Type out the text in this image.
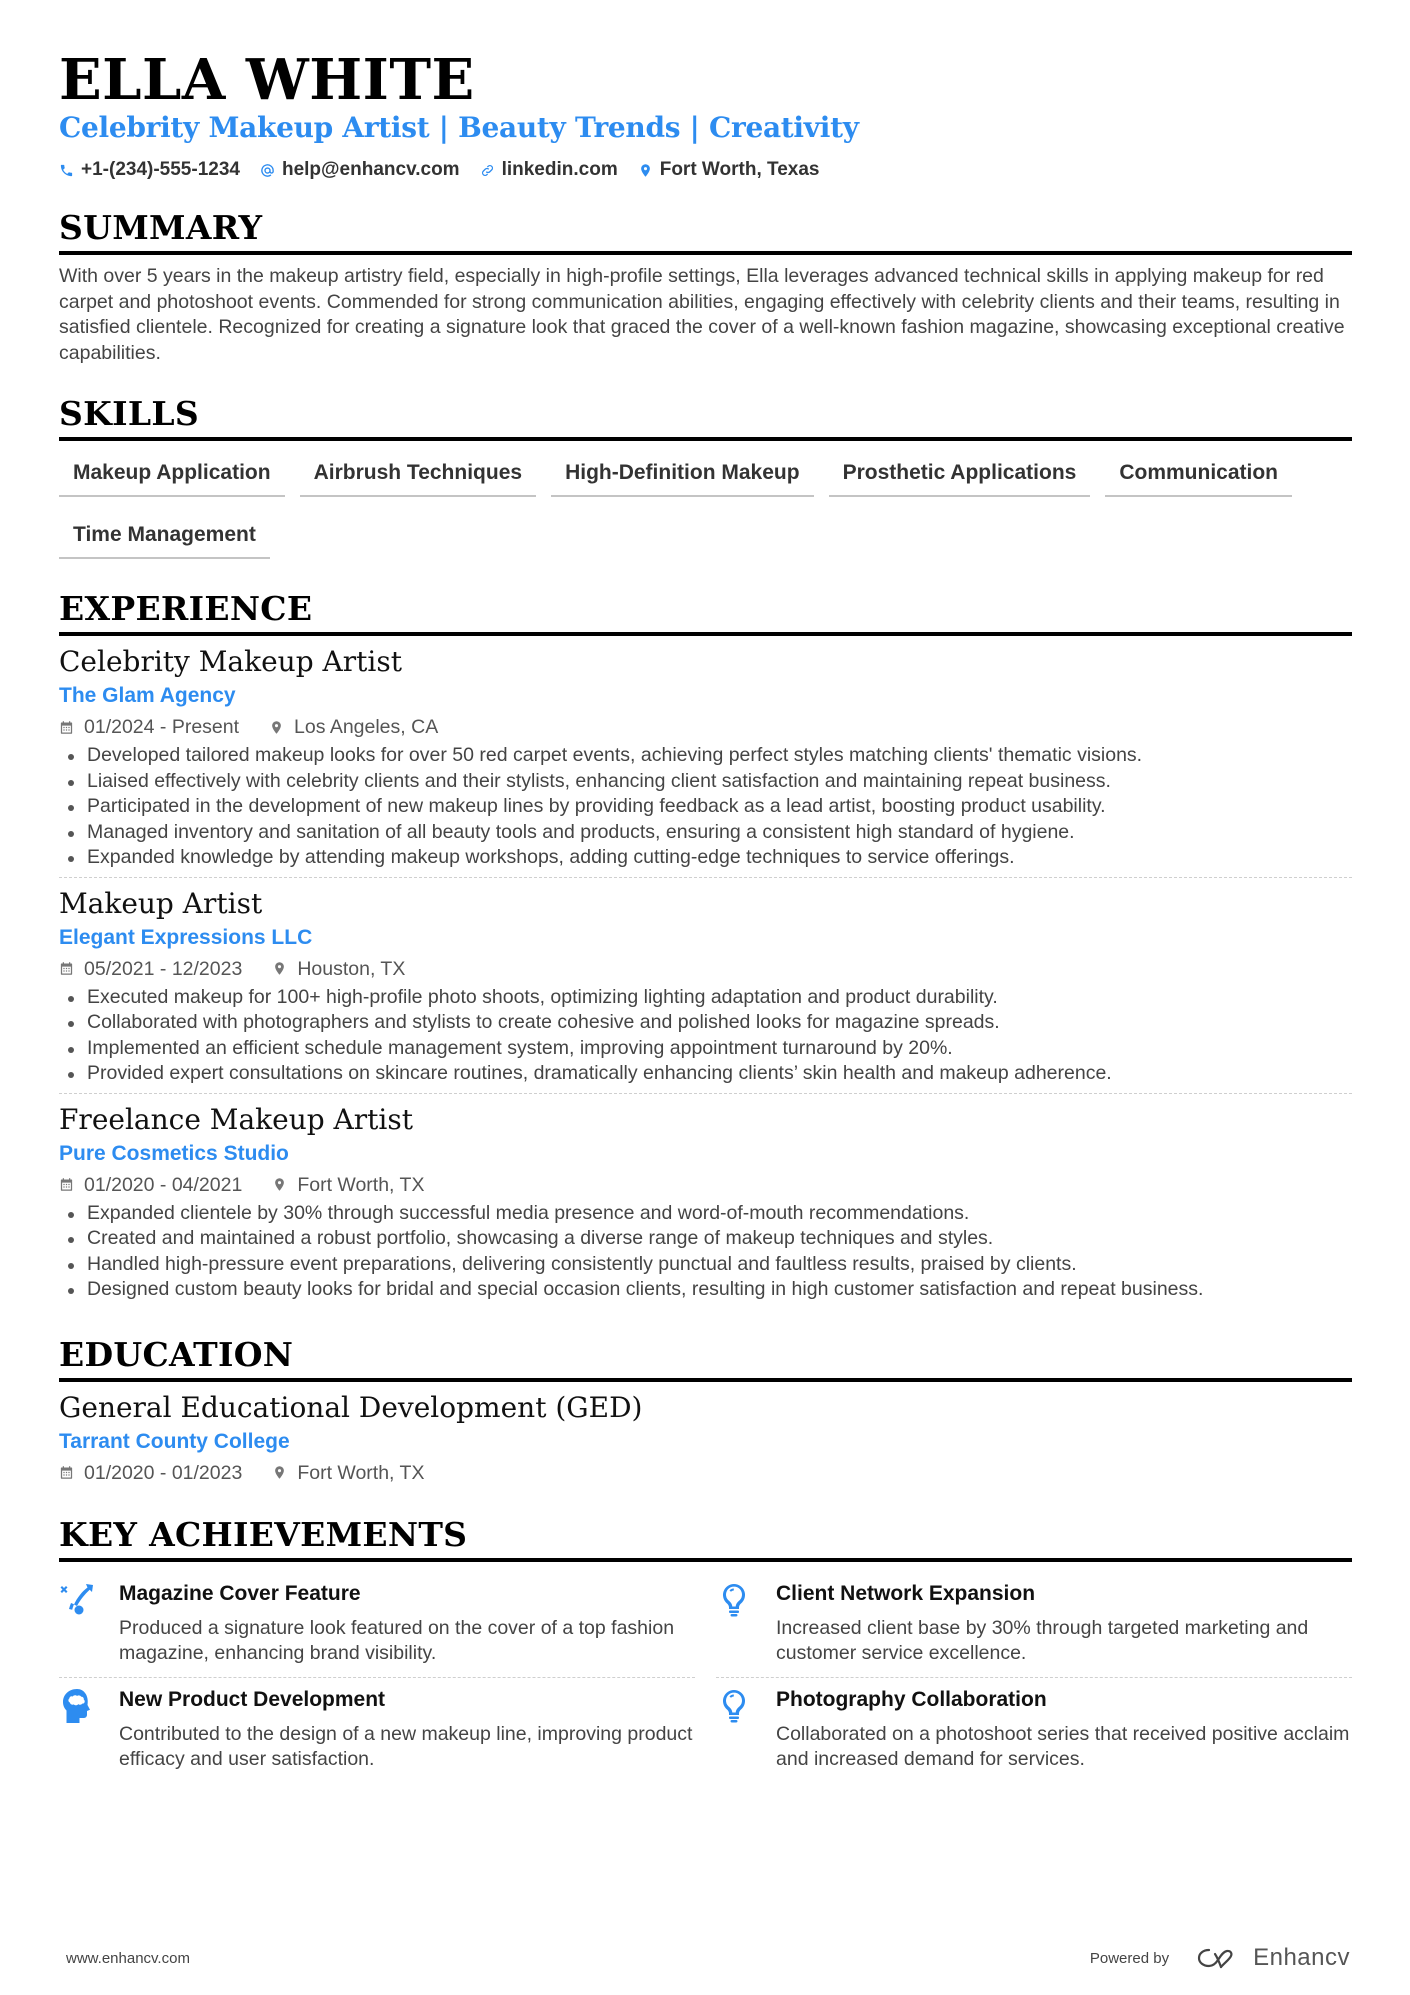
ELLA WHITE
Celebrity Makeup Artist | Beauty Trends | Creativity
+1-(234)-555-1234 help@enhancv.com linkedin.com Fort Worth, Texas
SUMMARY
With over 5 years in the makeup artistry field, especially in high-profile settings, Ella leverages advanced technical skills in applying makeup for red carpet and photoshoot events. Commended for strong communication abilities, engaging effectively with celebrity clients and their teams, resulting in satisfied clientele. Recognized for creating a signature look that graced the cover of a well-known fashion magazine, showcasing exceptional creative capabilities.
SKILLS
Makeup Application	Airbrush Techniques	High-Definition Makeup	Prosthetic Applications	Communication
Time Management
EXPERIENCE
Celebrity Makeup Artist
The Glam Agency
01/2024 - Present	Los Angeles, CA
Developed tailored makeup looks for over 50 red carpet events, achieving perfect styles matching clients' thematic visions.
Liaised effectively with celebrity clients and their stylists, enhancing client satisfaction and maintaining repeat business.
Participated in the development of new makeup lines by providing feedback as a lead artist, boosting product usability.
Managed inventory and sanitation of all beauty tools and products, ensuring a consistent high standard of hygiene.
Expanded knowledge by attending makeup workshops, adding cutting-edge techniques to service offerings.
Makeup Artist
Elegant Expressions LLC
05/2021 - 12/2023	Houston, TX
Executed makeup for 100+ high-profile photo shoots, optimizing lighting adaptation and product durability.
Collaborated with photographers and stylists to create cohesive and polished looks for magazine spreads.
Implemented an efficient schedule management system, improving appointment turnaround by 20%.
Provided expert consultations on skincare routines, dramatically enhancing clients’ skin health and makeup adherence.
Freelance Makeup Artist
Pure Cosmetics Studio
01/2020 - 04/2021	Fort Worth, TX
Expanded clientele by 30% through successful media presence and word-of-mouth recommendations.
Created and maintained a robust portfolio, showcasing a diverse range of makeup techniques and styles.
Handled high-pressure event preparations, delivering consistently punctual and faultless results, praised by clients.
Designed custom beauty looks for bridal and special occasion clients, resulting in high customer satisfaction and repeat business.
EDUCATION
General Educational Development (GED)
Tarrant County College
01/2020 - 01/2023	Fort Worth, TX
KEY ACHIEVEMENTS
Magazine Cover Feature
Produced a signature look featured on the cover of a top fashion magazine, enhancing brand visibility.
Client Network Expansion
Increased client base by 30% through targeted marketing and customer service excellence.
New Product Development
Contributed to the design of a new makeup line, improving product efficacy and user satisfaction.
Photography Collaboration
Collaborated on a photoshoot series that received positive acclaim and increased demand for services.
www.enhancv.com	Powered by	Enhancv
